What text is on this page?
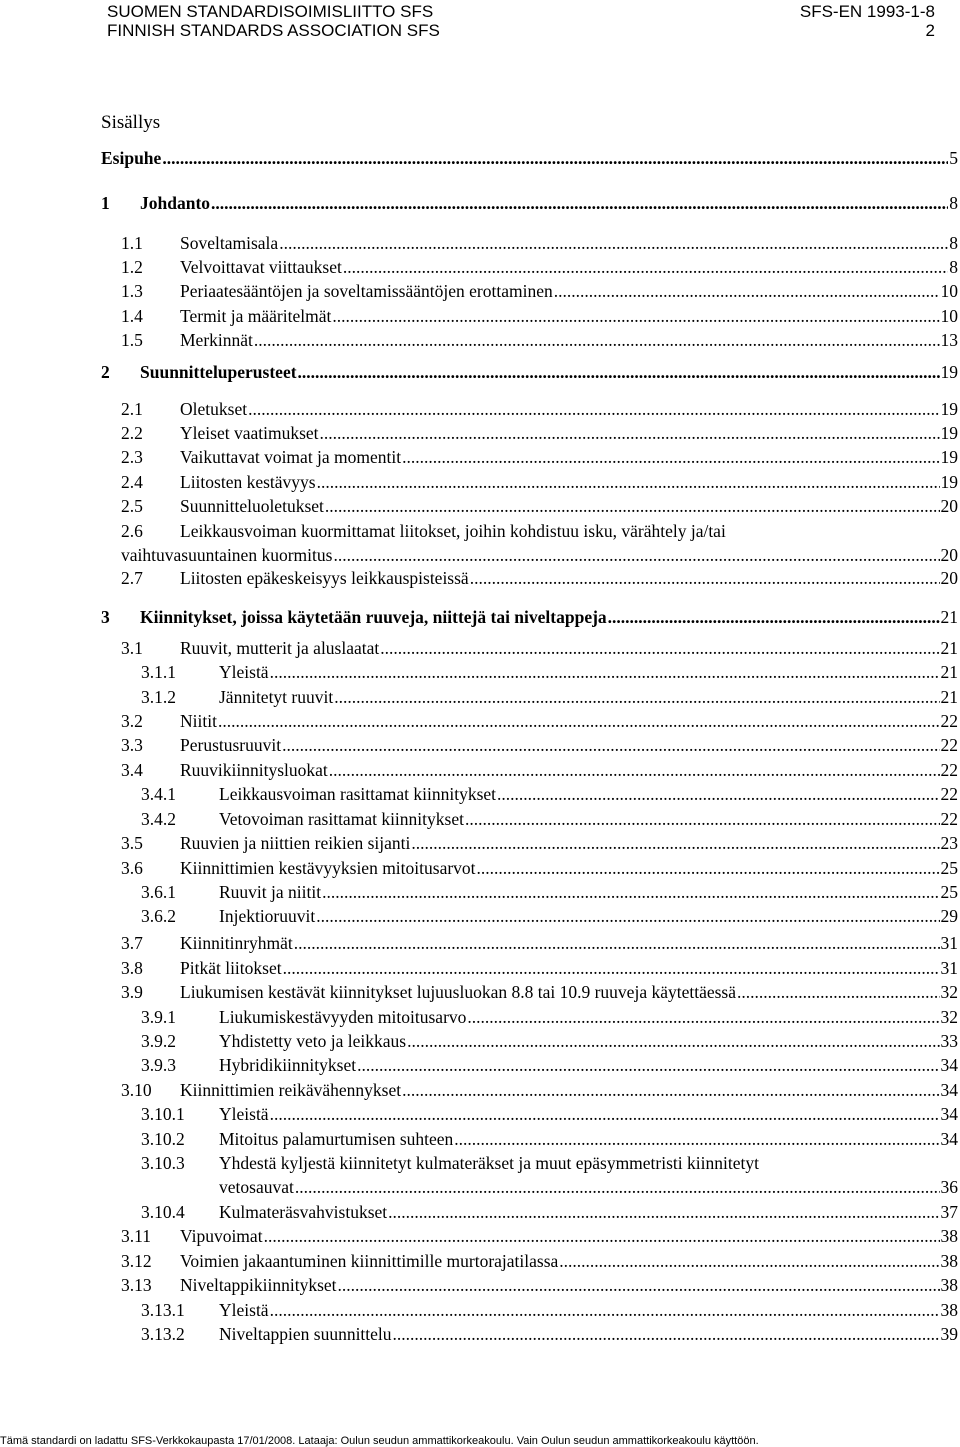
SUOMEN STANDARDISOIMISLIITTO SFS
FINNISH STANDARDS ASSOCIATION SFS
SFS-EN 1993-1-8
2
Sisällys
Esipuhe .....	5
1 Johdanto .....	8
1.1 Soveltamisala .....	8
1.2 Velvoittavat viittaukset .....	8
1.3 Periaatesääntöjen ja soveltamissääntöjen erottaminen .....	10
1.4 Termit ja määritelmät .....	10
1.5 Merkinnät .....	13
2 Suunnitteluperusteet .....	19
2.1 Oletukset .....	19
2.2 Yleiset vaatimukset .....	19
2.3 Vaikuttavat voimat ja momentit .....	19
2.4 Liitosten kestävyys .....	19
2.5 Suunnitteluoletukset .....	20
2.6 Leikkausvoiman kuormittamat liitokset, joihin kohdistuu isku, värähtely ja/tai
vaihtuvasuuntainen kuormitus .....	20
2.7 Liitosten epäkeskeisyys leikkauspisteissä .....	20
3 Kiinnitykset, joissa käytetään ruuveja, niittejä tai niveltappeja .....	21
3.1 Ruuvit, mutterit ja aluslaatat .....	21
3.1.1 Yleistä .....	21
3.1.2 Jännitetyt ruuvit .....	21
3.2 Niitit .....	22
3.3 Perustusruuvit .....	22
3.4 Ruuvikiinnitysluokat .....	22
3.4.1 Leikkausvoiman rasittamat kiinnitykset .....	22
3.4.2 Vetovoiman rasittamat kiinnitykset .....	22
3.5 Ruuvien ja niittien reikien sijanti .....	23
3.6 Kiinnittimien kestävyyksien mitoitusarvot .....	25
3.6.1 Ruuvit ja niitit .....	25
3.6.2 Injektioruuvit .....	29
3.7 Kiinnitinryhmät .....	31
3.8 Pitkät liitokset .....	31
3.9 Liukumisen kestävät kiinnitykset lujuusluokan 8.8 tai 10.9 ruuveja käytettäessä .....	32
3.9.1 Liukumiskestävyyden mitoitusarvo .....	32
3.9.2 Yhdistetty veto ja leikkaus .....	33
3.9.3 Hybridikiinnitykset .....	34
3.10 Kiinnittimien reikävähennykset .....	34
3.10.1 Yleistä .....	34
3.10.2 Mitoitus palamurtumisen suhteen .....	34
3.10.3 Yhdestä kyljestä kiinnitetyt kulmateräkset ja muut epäsymmetristi kiinnitetyt
vetosauvat .....	36
3.10.4 Kulmateräsvahvistukset .....	37
3.11 Vipuvoimat .....	38
3.12 Voimien jakaantuminen kiinnittimille murtorajatilassa .....	38
3.13 Niveltappikiinnitykset .....	38
3.13.1 Yleistä .....	38
3.13.2 Niveltappien suunnittelu .....	39
Tämä standardi on ladattu SFS-Verkkokaupasta 17/01/2008. Lataaja: Oulun seudun ammattikorkeakoulu. Vain Oulun seudun ammattikorkeakoulu käyttöön.
